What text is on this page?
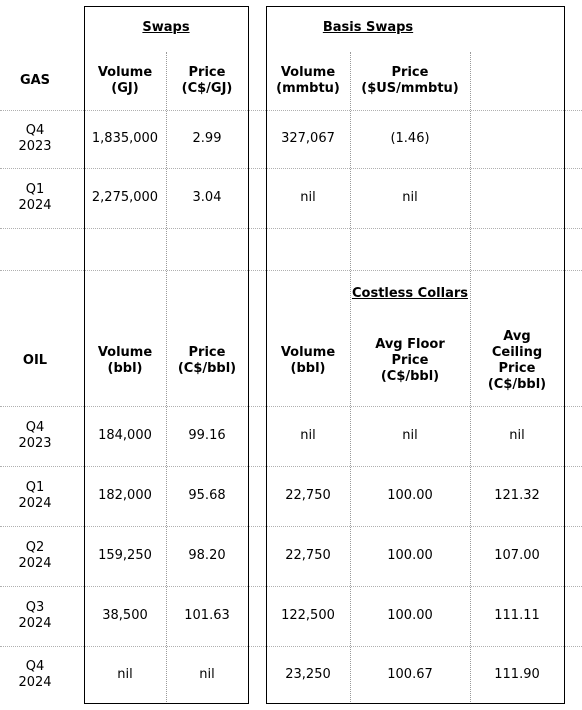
Swaps	Basis Swaps
GAS
Volume
(GJ)
Price
(C$/GJ)
Volume
(mmbtu)
Price
($US/mmbtu)
Q4
2023
1,835,000	2.99	327,067	(1.46)
Q1
2024
2,275,000	3.04	nil	nil
Costless Collars
OIL
Volume
(bbl)
Price
(C$/bbl)
Volume
(bbl)
Avg Floor
Price
(C$/bbl)
Avg
Ceiling
Price
(C$/bbl)
Q4
2023
184,000	99.16	nil	nil	nil
Q1
2024
182,000	95.68	22,750	100.00	121.32
Q2
2024
159,250	98.20	22,750	100.00	107.00
Q3
2024
38,500	101.63	122,500	100.00	111.11
Q4
2024
nil	nil	23,250	100.67	111.90
